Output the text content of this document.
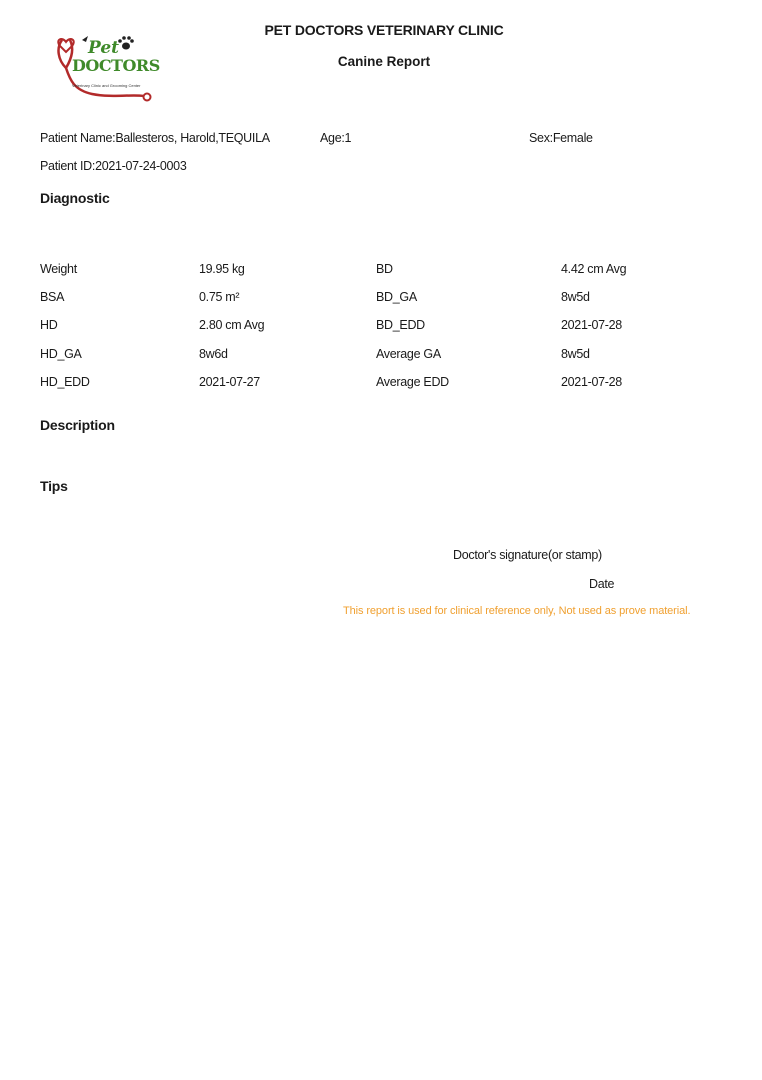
Pet
DOCTORS
Veterinary Clinic and Grooming Center
PET DOCTORS VETERINARY CLINIC
Canine Report
Patient Name:Ballesteros, Harold,TEQUILA	Age:1	Sex:Female
Patient ID:2021-07-24-0003
Diagnostic
Weight	19.95 kg	BD	4.42 cm Avg
BSA	0.75 m²	BD_GA	8w5d
HD	2.80 cm Avg	BD_EDD	2021-07-28
HD_GA	8w6d	Average GA	8w5d
HD_EDD	2021-07-27	Average EDD	2021-07-28
Description
Tips
Doctor's signature(or stamp)
Date
This report is used for clinical reference only, Not used as prove material.
